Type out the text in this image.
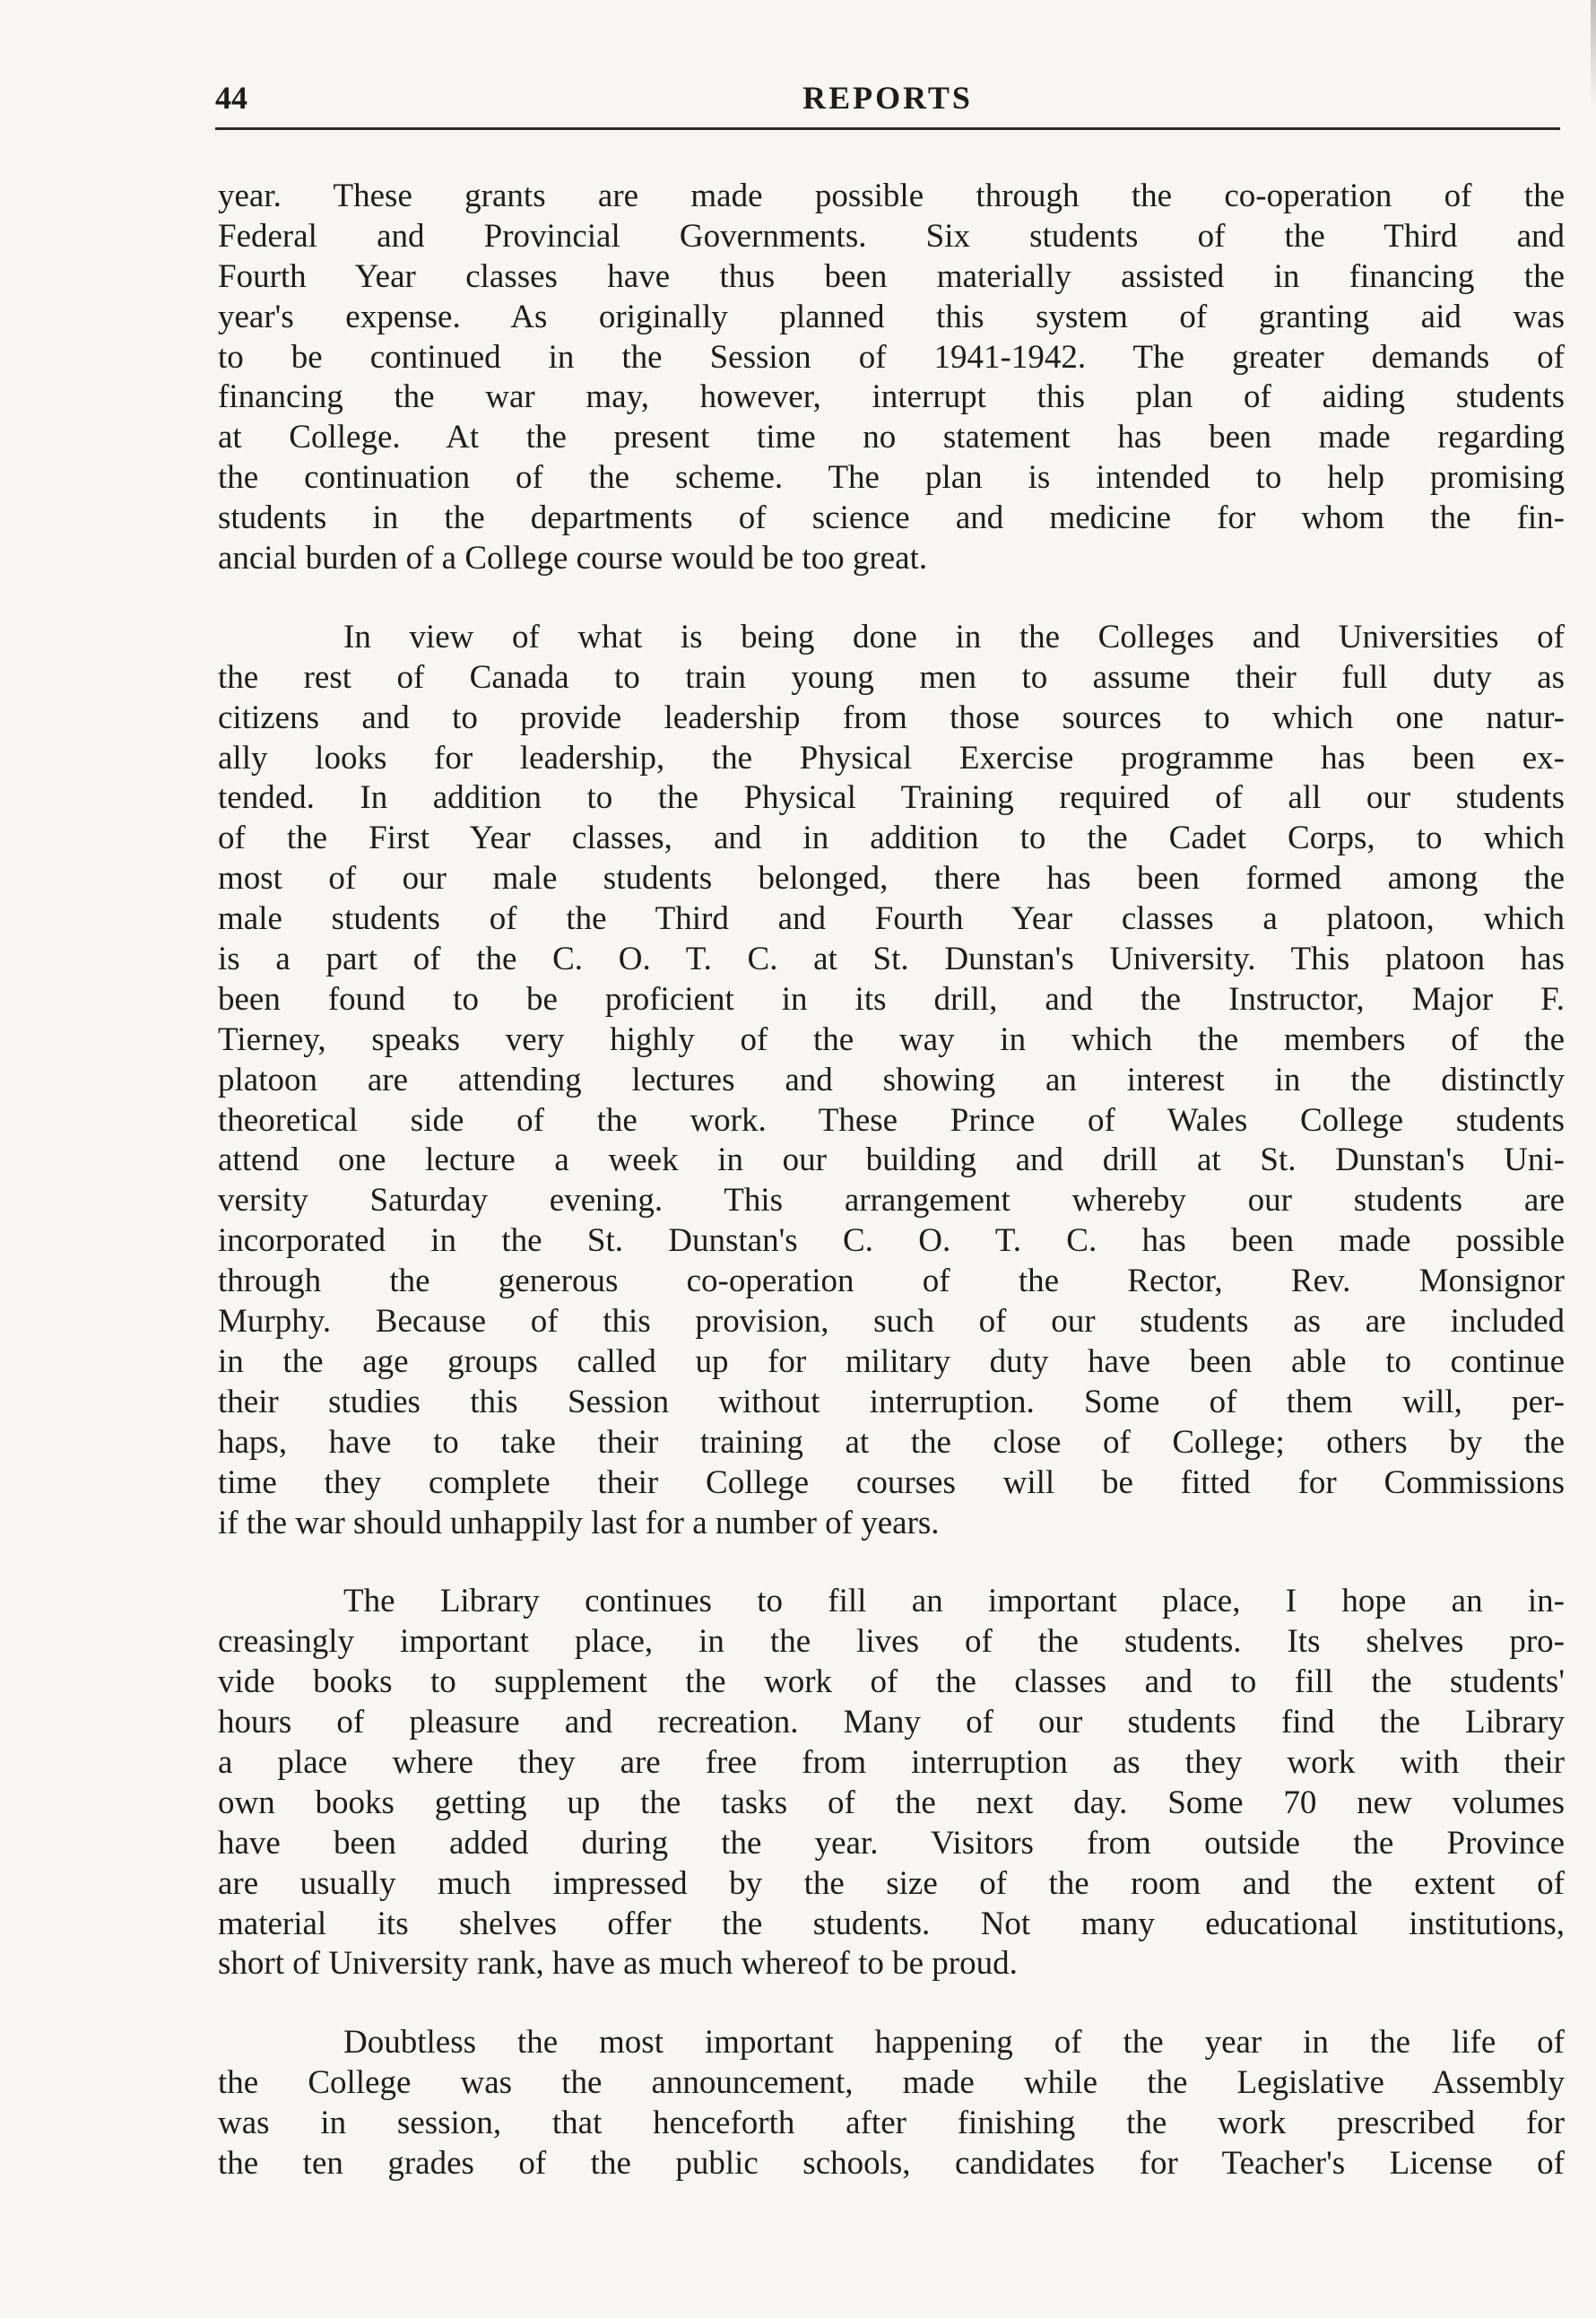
44	REPORTS
year. These grants are made possible through the co-operation of the
Federal and Provincial Governments. Six students of the Third and
Fourth Year classes have thus been materially assisted in financing the
year's expense. As originally planned this system of granting aid was
to be continued in the Session of 1941-1942. The greater demands of
financing the war may, however, interrupt this plan of aiding students
at College. At the present time no statement has been made regarding
the continuation of the scheme. The plan is intended to help promising
students in the departments of science and medicine for whom the fin-
ancial burden of a College course would be too great.
In view of what is being done in the Colleges and Universities of
the rest of Canada to train young men to assume their full duty as
citizens and to provide leadership from those sources to which one natur-
ally looks for leadership, the Physical Exercise programme has been ex-
tended. In addition to the Physical Training required of all our students
of the First Year classes, and in addition to the Cadet Corps, to which
most of our male students belonged, there has been formed among the
male students of the Third and Fourth Year classes a platoon, which
is a part of the C. O. T. C. at St. Dunstan's University. This platoon has
been found to be proficient in its drill, and the Instructor, Major F.
Tierney, speaks very highly of the way in which the members of the
platoon are attending lectures and showing an interest in the distinctly
theoretical side of the work. These Prince of Wales College students
attend one lecture a week in our building and drill at St. Dunstan's Uni-
versity Saturday evening. This arrangement whereby our students are
incorporated in the St. Dunstan's C. O. T. C. has been made possible
through the generous co-operation of the Rector, Rev. Monsignor
Murphy. Because of this provision, such of our students as are included
in the age groups called up for military duty have been able to continue
their studies this Session without interruption. Some of them will, per-
haps, have to take their training at the close of College; others by the
time they complete their College courses will be fitted for Commissions
if the war should unhappily last for a number of years.
The Library continues to fill an important place, I hope an in-
creasingly important place, in the lives of the students. Its shelves pro-
vide books to supplement the work of the classes and to fill the students'
hours of pleasure and recreation. Many of our students find the Library
a place where they are free from interruption as they work with their
own books getting up the tasks of the next day. Some 70 new volumes
have been added during the year. Visitors from outside the Province
are usually much impressed by the size of the room and the extent of
material its shelves offer the students. Not many educational institutions,
short of University rank, have as much whereof to be proud.
Doubtless the most important happening of the year in the life of
the College was the announcement, made while the Legislative Assembly
was in session, that henceforth after finishing the work prescribed for
the ten grades of the public schools, candidates for Teacher's License of
